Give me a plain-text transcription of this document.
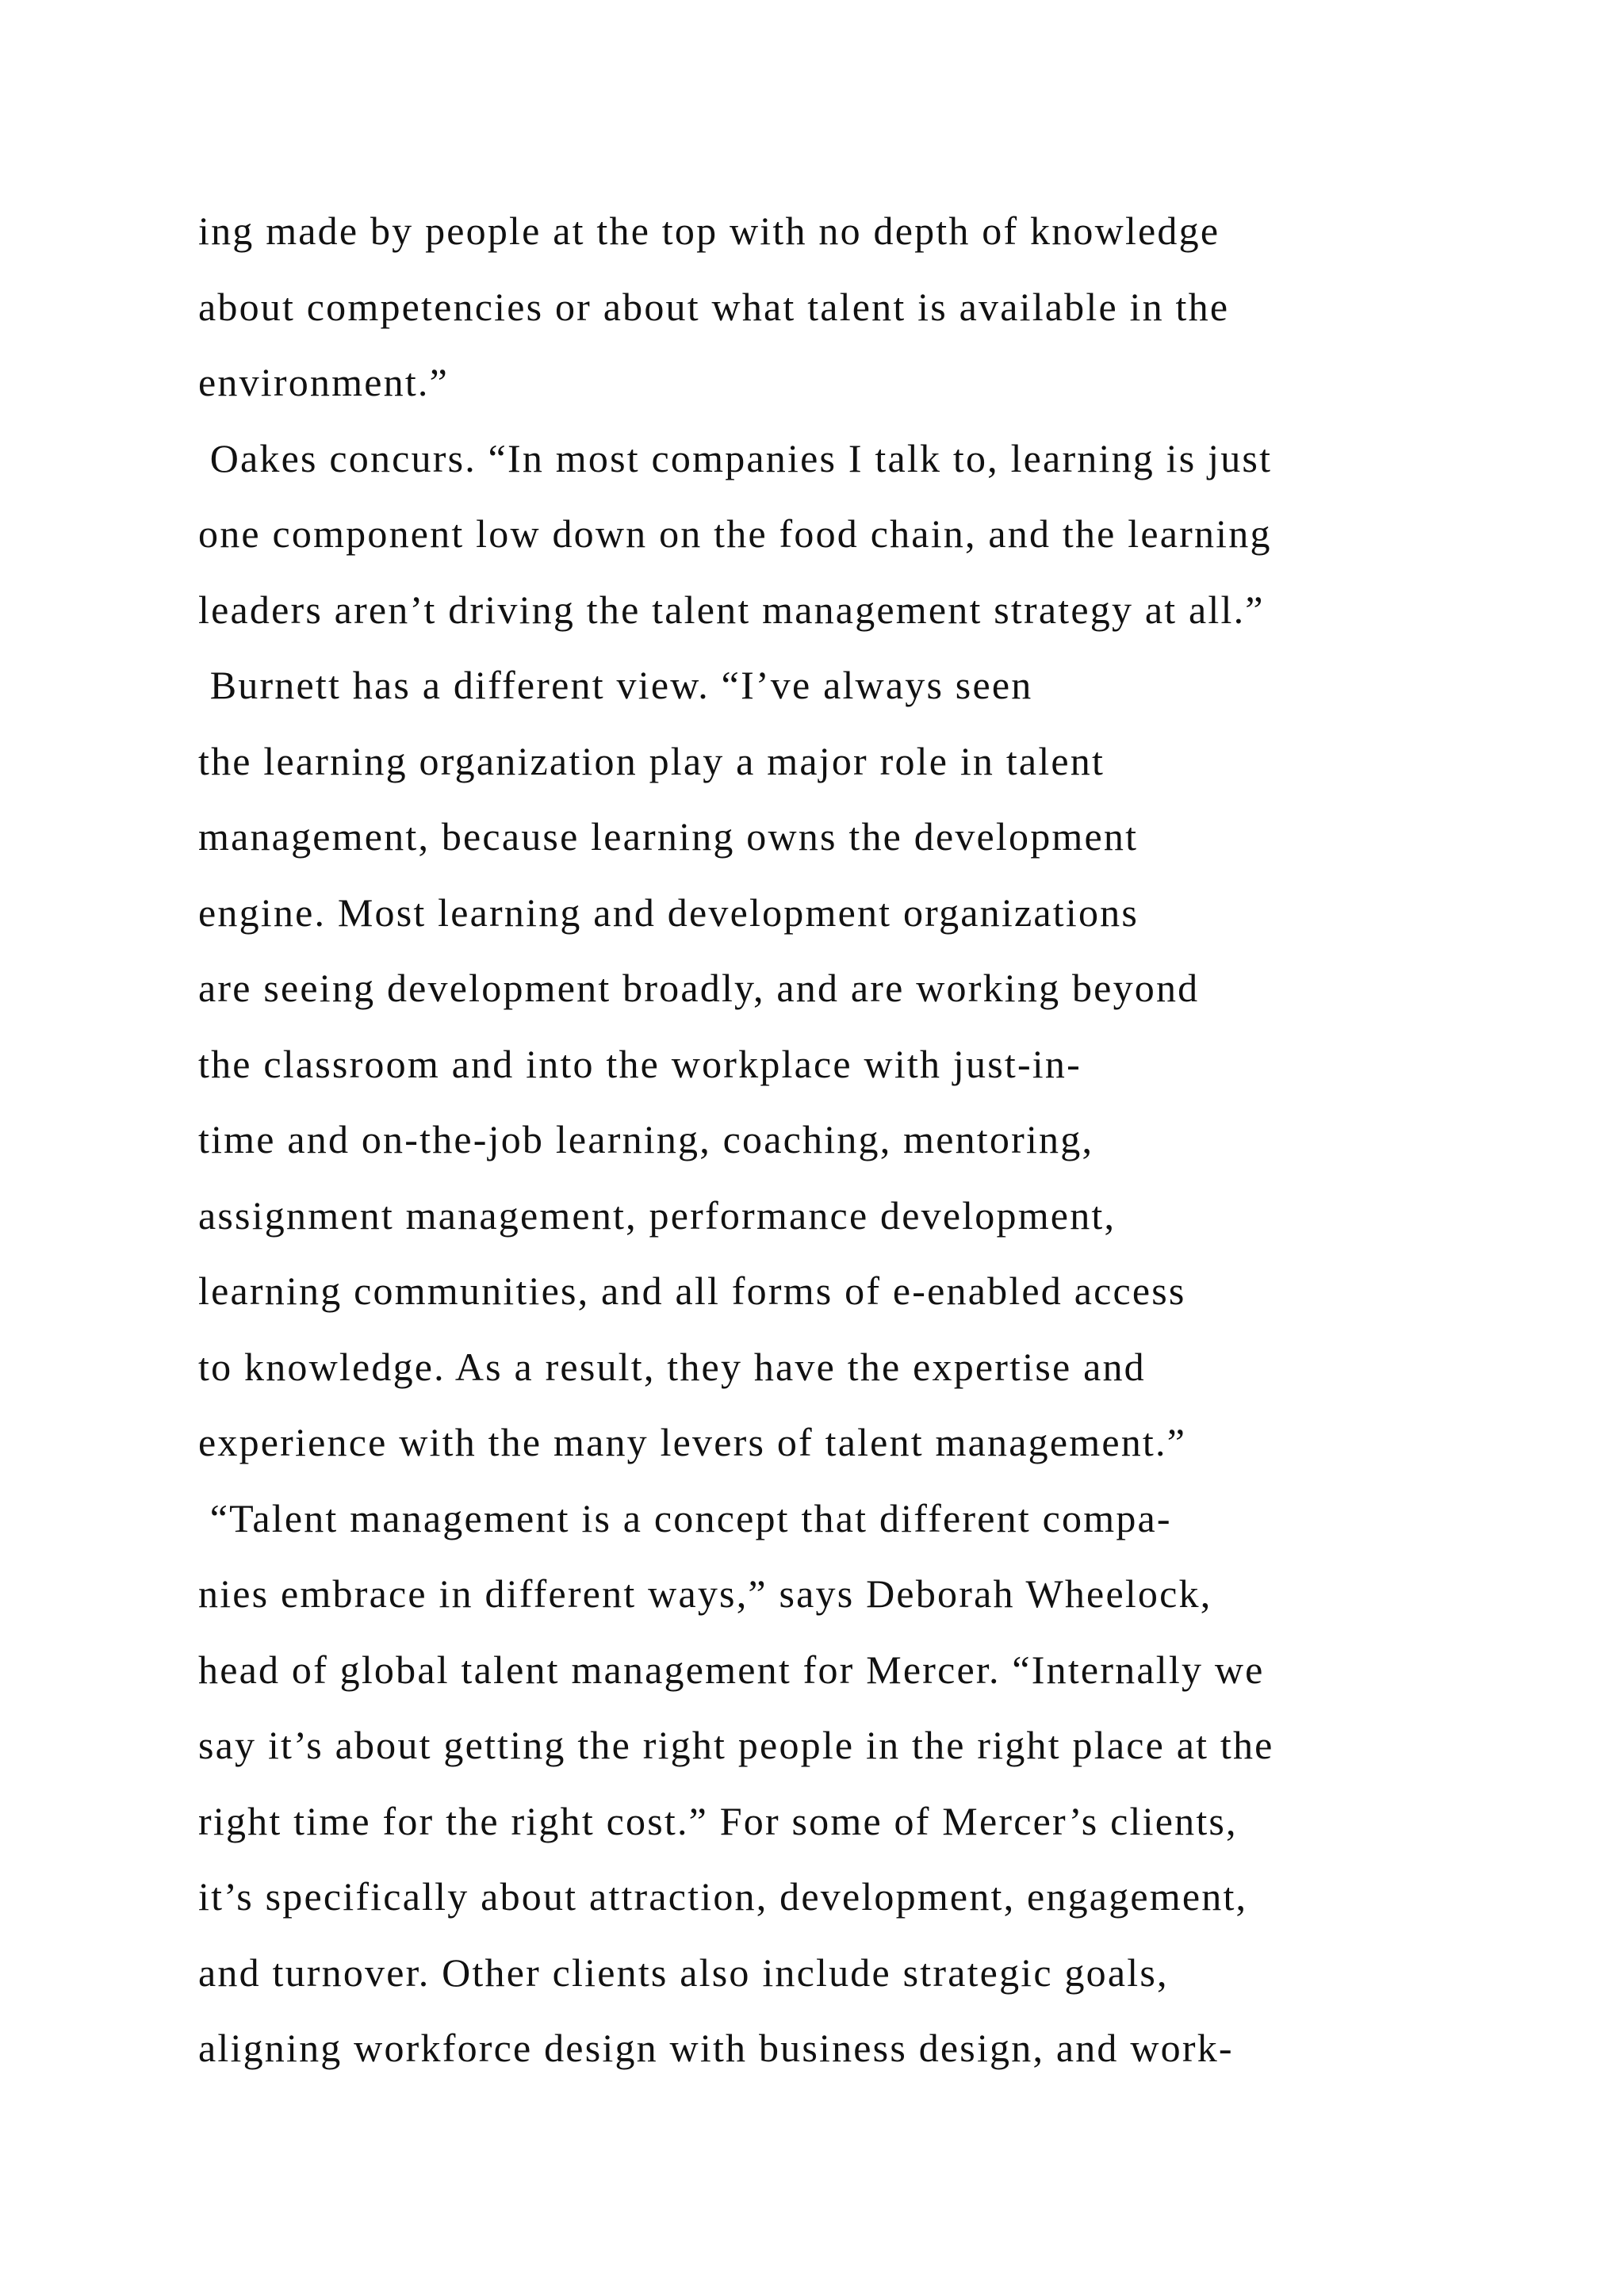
ing made by people at the top with no depth of knowledge
about competencies or about what talent is available in the
environment.”
Oakes concurs. “In most companies I talk to, learning is just
one component low down on the food chain, and the learning
leaders aren’t driving the talent management strategy at all.”
Burnett has a different view. “I’ve always seen
the learning organization play a major role in talent
management, because learning owns the development
engine. Most learning and development organizations
are seeing development broadly, and are working beyond
the classroom and into the workplace with just-in-
time and on-the-job learning, coaching, mentoring,
assignment management, performance development,
learning communities, and all forms of e-enabled access
to knowledge. As a result, they have the expertise and
experience with the many levers of talent management.”
“Talent management is a concept that different compa-
nies embrace in different ways,” says Deborah Wheelock,
head of global talent management for Mercer. “Internally we
say it’s about getting the right people in the right place at the
right time for the right cost.” For some of Mercer’s clients,
it’s specifically about attraction, development, engagement,
and turnover. Other clients also include strategic goals,
aligning workforce design with business design, and work-
